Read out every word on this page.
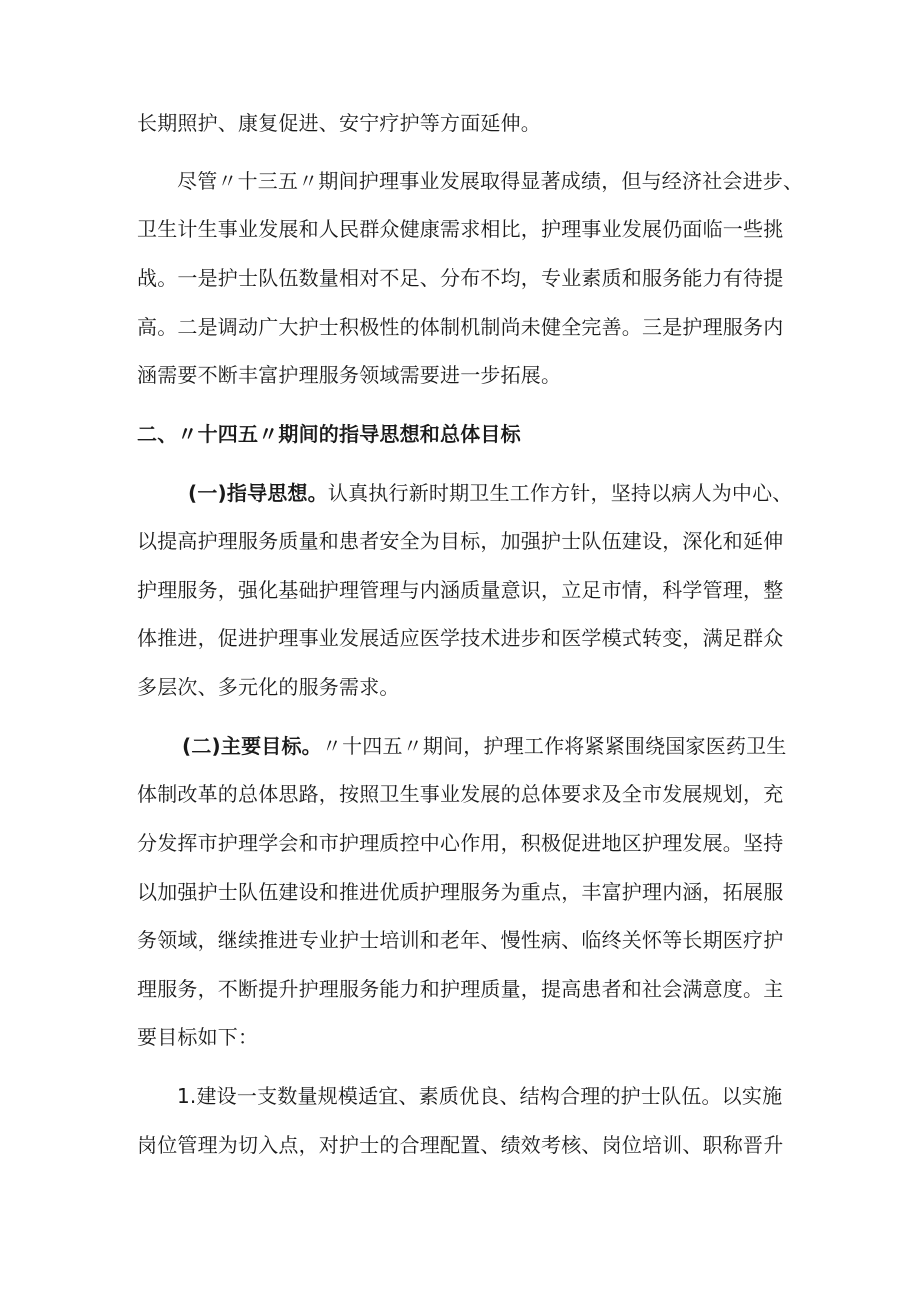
长期照护、康复促进、安宁疗护等方面延伸。
尽管〃十三五〃期间护理事业发展取得显著成绩，但与经济社会进步、
卫生计生事业发展和人民群众健康需求相比，护理事业发展仍面临一些挑
战。一是护士队伍数量相对不足、分布不均，专业素质和服务能力有待提
高。二是调动广大护士积极性的体制机制尚未健全完善。三是护理服务内
涵需要不断丰富护理服务领域需要进一步拓展。
二、〃十四五〃期间的指导思想和总体目标
(一)指导思想。认真执行新时期卫生工作方针，坚持以病人为中心、
以提高护理服务质量和患者安全为目标，加强护士队伍建设，深化和延伸
护理服务，强化基础护理管理与内涵质量意识，立足市情，科学管理，整
体推进，促进护理事业发展适应医学技术进步和医学模式转变，满足群众
多层次、多元化的服务需求。
(二)主要目标。〃十四五〃期间，护理工作将紧紧围绕国家医药卫生
体制改革的总体思路，按照卫生事业发展的总体要求及全市发展规划，充
分发挥市护理学会和市护理质控中心作用，积极促进地区护理发展。坚持
以加强护士队伍建设和推进优质护理服务为重点，丰富护理内涵，拓展服
务领域，继续推进专业护士培训和老年、慢性病、临终关怀等长期医疗护
理服务，不断提升护理服务能力和护理质量，提高患者和社会满意度。主
要目标如下：
1.建设一支数量规模适宜、素质优良、结构合理的护士队伍。以实施
岗位管理为切入点，对护士的合理配置、绩效考核、岗位培训、职称晋升
